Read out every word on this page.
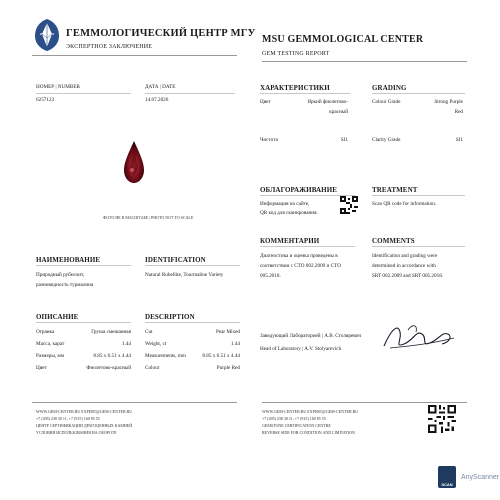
ГЕММОЛОГИЧЕСКИЙ ЦЕНТР МГУ
ЭКСПЕРТНОЕ ЗАКЛЮЧЕНИЕ
MSU GEMMOLOGICAL CENTER
GEM TESTING REPORT
НОМЕР | NUMBER
6257123
ДАТА | DATE
14.07.2026
ФОТО НЕ В МАСШТАБЕ | PHOTO NOT TO SCALE
ХАРАКТЕРИСТИКИ
Цвет	Яркий фиолетово-
красный
Чистота	SI1
GRADING
Colour Grade	Strong Purple
Red
Clarity Grade	SI1
ОБЛАГОРАЖИВАНИЕ
Информация на сайте,
QR код для сканирования.
TREATMENT
Scan QR code for information.
КОММЕНТАРИИ
Диагностика и оценка проведены в
соответствии с СТО 002.2009 и СТО
005.2018.
COMMENTS
Identification and grading were
determined in accordance with
SRT 002.2009 and SRT 005.2018.
НАИМЕНОВАНИЕ
Природный рубеллит,
разновидность турмалина
IDENTIFICATION
Natural Rubellite, Tourmaline Variety
ОПИСАНИЕ
Огранка	Груша смешанная
Масса, карат	1.44
Размеры, мм	8.85 x 6.51 x 4.44
Цвет	Фиолетово-красный
DESCRIPTION
Cut	Pear Mixed
Weight, ct	1.44
Measurements, mm	8.85 x 6.51 x 4.44
Colour	Purple Red
Заведующий Лабораторией | А.В. Столяревич
Head of Laboratory | A.V. Stolyarevich
WWW.GEM-CENTER.RU EXPERT@GEM-CENTER.RU
+7 (495) 238 30 11, +7 (915) 160 85 55
ЦЕНТР СЕРТИФИКАЦИИ ДРАГОЦЕННЫХ КАМНЕЙ
УСЛОВИЯ ИСПОЛЬЗОВАНИЯ НА ОБОРОТЕ
WWW.GEM-CENTER.RU EXPERT@GEM-CENTER.RU
+7 (495) 238 30 11, +7 (915) 160 85 55
GEMSTONE CERTIFICATION CENTRE
REVERSE SIDE FOR CONDITION AND LIMITATION
SCAN
AnyScanner
